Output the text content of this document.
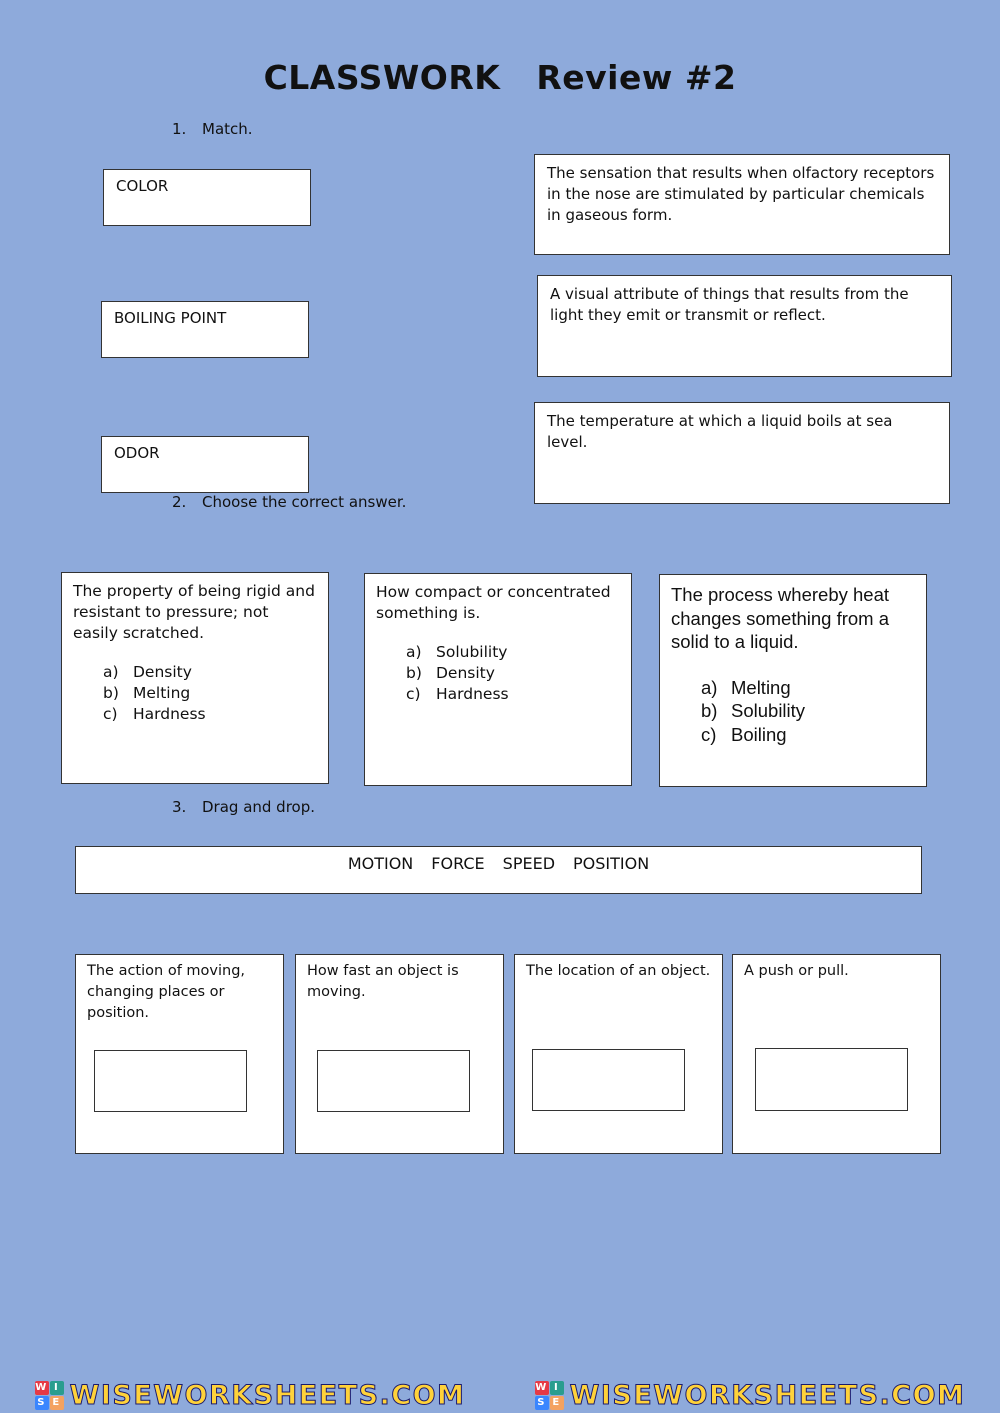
CLASSWORK Review #2
1. Match.
COLOR
BOILING POINT
ODOR
The sensation that results when olfactory receptors in the nose are stimulated by particular chemicals in gaseous form.
A visual attribute of things that results from the light they emit or transmit or reflect.
The temperature at which a liquid boils at sea level.
2. Choose the correct answer.
The property of being rigid and resistant to pressure; not easily scratched.
a) Density
b) Melting
c) Hardness
How compact or concentrated something is.
a) Solubility
b) Density
c) Hardness
The process whereby heat changes something from a solid to a liquid.
a) Melting
b) Solubility
c) Boiling
3. Drag and drop.
MOTION FORCE SPEED POSITION
The action of moving, changing places or position.
How fast an object is moving.
The location of an object.	A push or pull.
W I
S E WISEWORKSHEETS.COM	W I
S E WISEWORKSHEETS.COM
